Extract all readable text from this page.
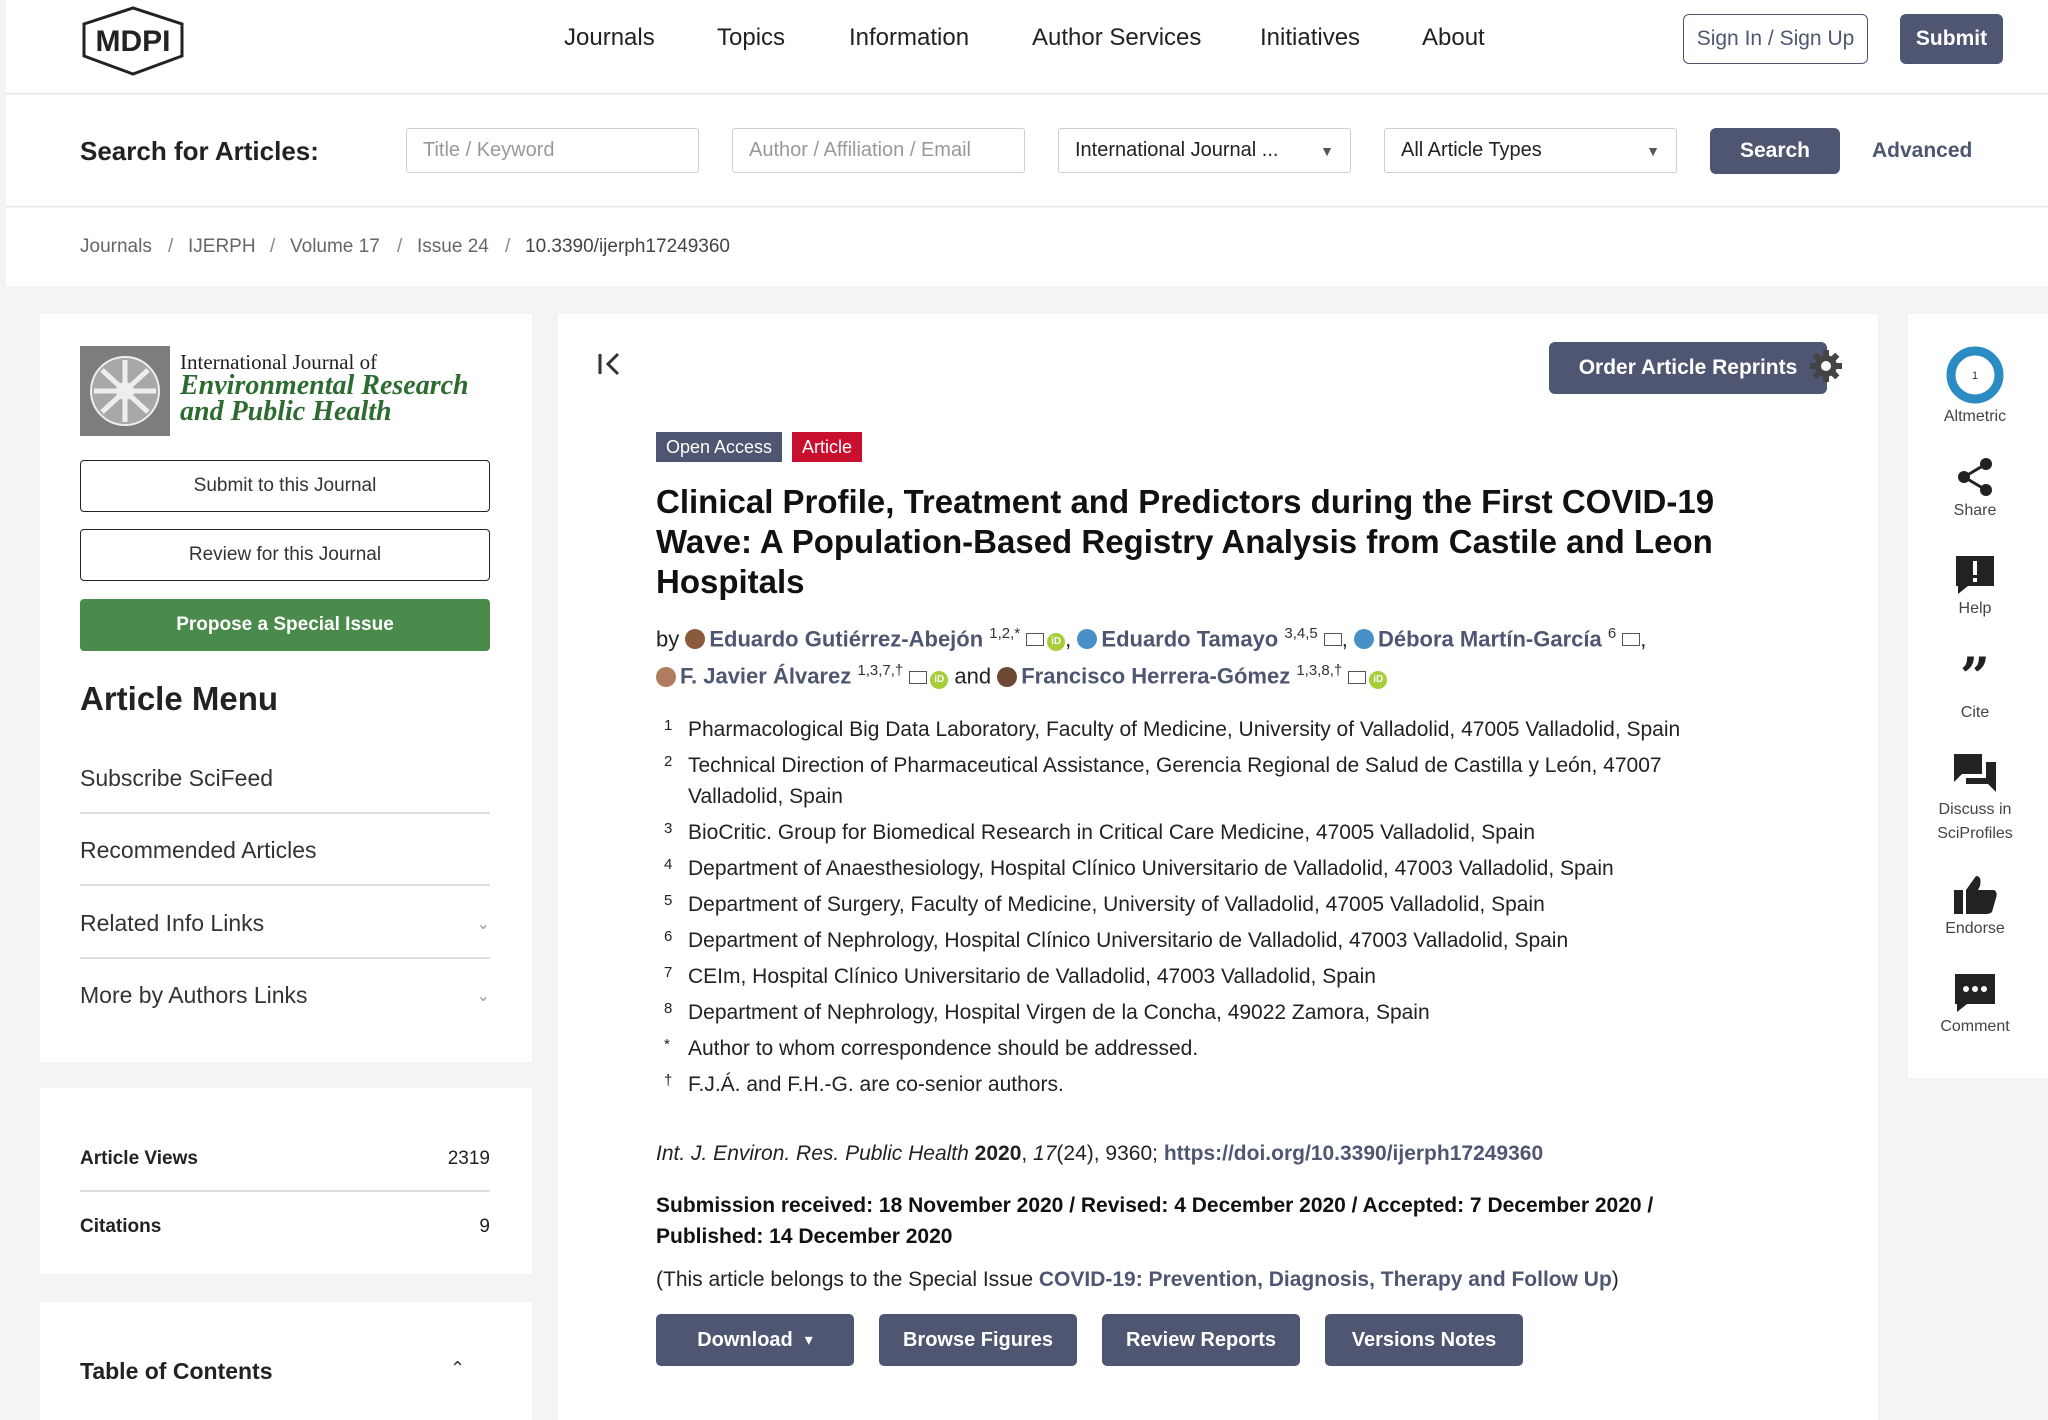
MDPI	Journals	Topics	Information	Author Services Initiatives	About	Sign In / Sign Up	Submit
Search for Articles:	Title / Keyword	Author / Affiliation / Email	International Journal ...	▼	All Article Types	▼	Search	Advanced
Journals / IJERPH / Volume 17 / Issue 24 / 10.3390/ijerph17249360
International Journal of
Environmental Research
and Public Health
Submit to this Journal
Review for this Journal
Propose a Special Issue
Article Menu
Subscribe SciFeed
Recommended Articles
Related Info Links	⌄
More by Authors Links	⌄
Article Views	2319
Citations	9
Table of Contents	⌃
Order Article Reprints
Open Access	Article
Clinical Profile, Treatment and Predictors during the First COVID-19 Wave: A Population-Based Registry Analysis from Castile and Leon Hospitals
by Eduardo Gutiérrez-Abejón $^{1,2,*}$	iD , Eduardo Tamayo $^{3,4,5}$ , Débora Martín-García $^6$ ,
F. Javier Álvarez $^{1,3,7,\dagger}$	iD and Francisco Herrera-Gómez $^{1,3,8,\dagger}$	iD
1 Pharmacological Big Data Laboratory, Faculty of Medicine, University of Valladolid, 47005 Valladolid, Spain
2 Technical Direction of Pharmaceutical Assistance, Gerencia Regional de Salud de Castilla y León, 47007 Valladolid, Spain
3 BioCritic. Group for Biomedical Research in Critical Care Medicine, 47005 Valladolid, Spain
4 Department of Anaesthesiology, Hospital Clínico Universitario de Valladolid, 47003 Valladolid, Spain
5 Department of Surgery, Faculty of Medicine, University of Valladolid, 47005 Valladolid, Spain
6 Department of Nephrology, Hospital Clínico Universitario de Valladolid, 47003 Valladolid, Spain
7 CEIm, Hospital Clínico Universitario de Valladolid, 47003 Valladolid, Spain
8 Department of Nephrology, Hospital Virgen de la Concha, 49022 Zamora, Spain
* Author to whom correspondence should be addressed.
† F.J.Á. and F.H.-G. are co-senior authors.
Int. J. Environ. Res. Public Health 2020, 17(24), 9360; https://doi.org/10.3390/ijerph17249360
Submission received: 18 November 2020 / Revised: 4 December 2020 / Accepted: 7 December 2020 / Published: 14 December 2020
(This article belongs to the Special Issue COVID-19: Prevention, Diagnosis, Therapy and Follow Up)
Download ▾	Browse Figures	Review Reports	Versions Notes
1
Altmetric
Share
Help
”
Cite
Discuss in SciProfiles
Endorse
Comment
